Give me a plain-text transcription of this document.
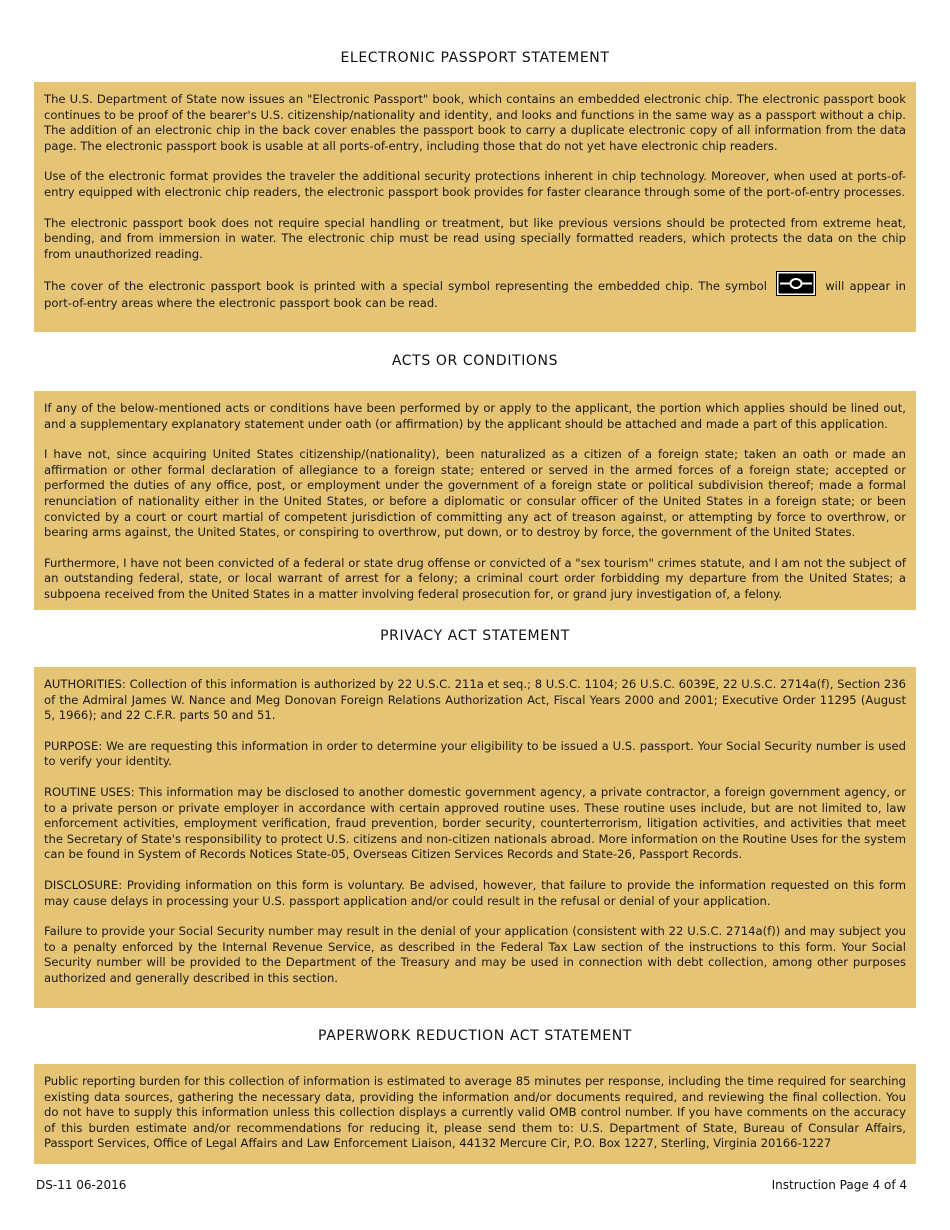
ELECTRONIC PASSPORT STATEMENT

The U.S. Department of State now issues an "Electronic Passport" book, which contains an embedded electronic chip. The electronic passport book continues to be proof of the bearer's U.S. citizenship/nationality and identity, and looks and functions in the same way as a passport without a chip. The addition of an electronic chip in the back cover enables the passport book to carry a duplicate electronic copy of all information from the data page. The electronic passport book is usable at all ports-of-entry, including those that do not yet have electronic chip readers.

Use of the electronic format provides the traveler the additional security protections inherent in chip technology. Moreover, when used at ports-of-entry equipped with electronic chip readers, the electronic passport book provides for faster clearance through some of the port-of-entry processes.

The electronic passport book does not require special handling or treatment, but like previous versions should be protected from extreme heat, bending, and from immersion in water. The electronic chip must be read using specially formatted readers, which protects the data on the chip from unauthorized reading.

The cover of the electronic passport book is printed with a special symbol representing the embedded chip. The symbol	will appear in port-of-entry areas where the electronic passport book can be read.

ACTS OR CONDITIONS

If any of the below-mentioned acts or conditions have been performed by or apply to the applicant, the portion which applies should be lined out, and a supplementary explanatory statement under oath (or affirmation) by the applicant should be attached and made a part of this application.

I have not, since acquiring United States citizenship/(nationality), been naturalized as a citizen of a foreign state; taken an oath or made an affirmation or other formal declaration of allegiance to a foreign state; entered or served in the armed forces of a foreign state; accepted or performed the duties of any office, post, or employment under the government of a foreign state or political subdivision thereof; made a formal renunciation of nationality either in the United States, or before a diplomatic or consular officer of the United States in a foreign state; or been convicted by a court or court martial of competent jurisdiction of committing any act of treason against, or attempting by force to overthrow, or bearing arms against, the United States, or conspiring to overthrow, put down, or to destroy by force, the government of the United States.

Furthermore, I have not been convicted of a federal or state drug offense or convicted of a "sex tourism" crimes statute, and I am not the subject of an outstanding federal, state, or local warrant of arrest for a felony; a criminal court order forbidding my departure from the United States; a subpoena received from the United States in a matter involving federal prosecution for, or grand jury investigation of, a felony.

PRIVACY ACT STATEMENT

AUTHORITIES: Collection of this information is authorized by 22 U.S.C. 211a et seq.; 8 U.S.C. 1104; 26 U.S.C. 6039E, 22 U.S.C. 2714a(f), Section 236 of the Admiral James W. Nance and Meg Donovan Foreign Relations Authorization Act, Fiscal Years 2000 and 2001; Executive Order 11295 (August 5, 1966); and 22 C.F.R. parts 50 and 51.

PURPOSE: We are requesting this information in order to determine your eligibility to be issued a U.S. passport. Your Social Security number is used to verify your identity.

ROUTINE USES: This information may be disclosed to another domestic government agency, a private contractor, a foreign government agency, or to a private person or private employer in accordance with certain approved routine uses. These routine uses include, but are not limited to, law enforcement activities, employment verification, fraud prevention, border security, counterterrorism, litigation activities, and activities that meet the Secretary of State's responsibility to protect U.S. citizens and non-citizen nationals abroad. More information on the Routine Uses for the system can be found in System of Records Notices State-05, Overseas Citizen Services Records and State-26, Passport Records.

DISCLOSURE: Providing information on this form is voluntary. Be advised, however, that failure to provide the information requested on this form may cause delays in processing your U.S. passport application and/or could result in the refusal or denial of your application.

Failure to provide your Social Security number may result in the denial of your application (consistent with 22 U.S.C. 2714a(f)) and may subject you to a penalty enforced by the Internal Revenue Service, as described in the Federal Tax Law section of the instructions to this form. Your Social Security number will be provided to the Department of the Treasury and may be used in connection with debt collection, among other purposes authorized and generally described in this section.

PAPERWORK REDUCTION ACT STATEMENT

Public reporting burden for this collection of information is estimated to average 85 minutes per response, including the time required for searching existing data sources, gathering the necessary data, providing the information and/or documents required, and reviewing the final collection. You do not have to supply this information unless this collection displays a currently valid OMB control number. If you have comments on the accuracy of this burden estimate and/or recommendations for reducing it, please send them to: U.S. Department of State, Bureau of Consular Affairs, Passport Services, Office of Legal Affairs and Law Enforcement Liaison, 44132 Mercure Cir, P.O. Box 1227, Sterling, Virginia 20166-1227

DS-11 06-2016	Instruction Page 4 of 4
